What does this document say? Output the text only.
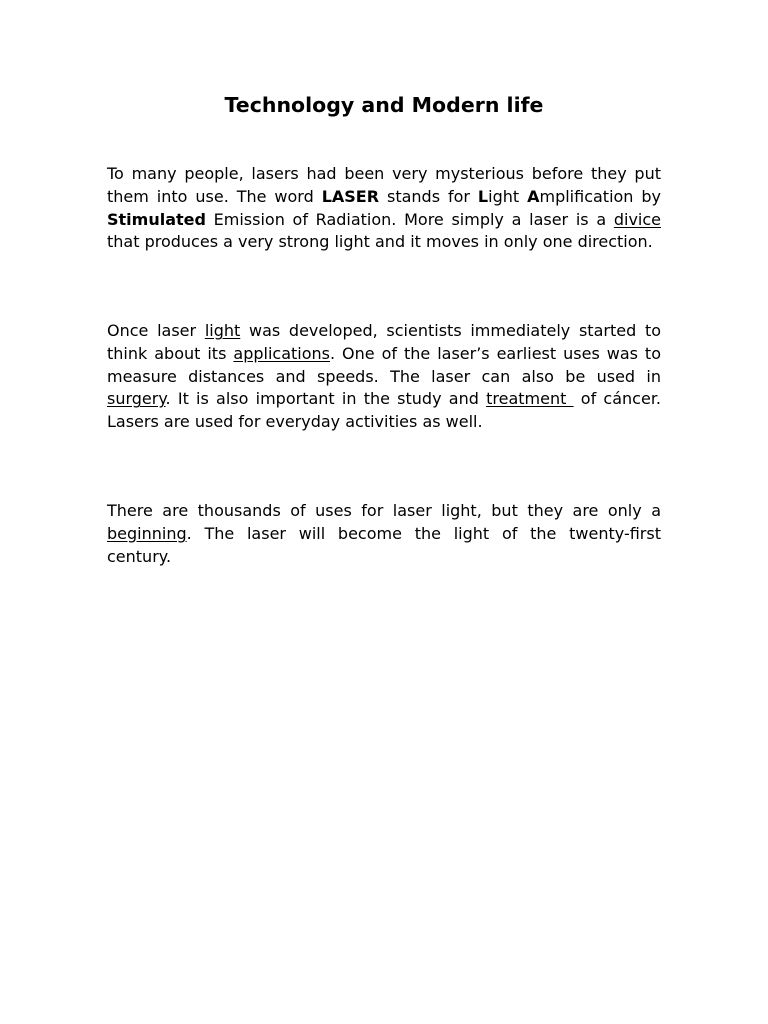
Technology and Modern life

To many people, lasers had been very mysterious before they put them into use. The word LASER stands for Light Amplification by Stimulated Emission of Radiation. More simply a laser is a divice that produces a very strong light and it moves in only one direction.

Once laser light was developed, scientists immediately started to think about its applications. One of the laser’s earliest uses was to measure distances and speeds. The laser can also be used in surgery. It is also important in the study and treatment  of cáncer. Lasers are used for everyday activities as well.

There are thousands of uses for laser light, but they are only a beginning. The laser will become the light of the twenty-first century.
